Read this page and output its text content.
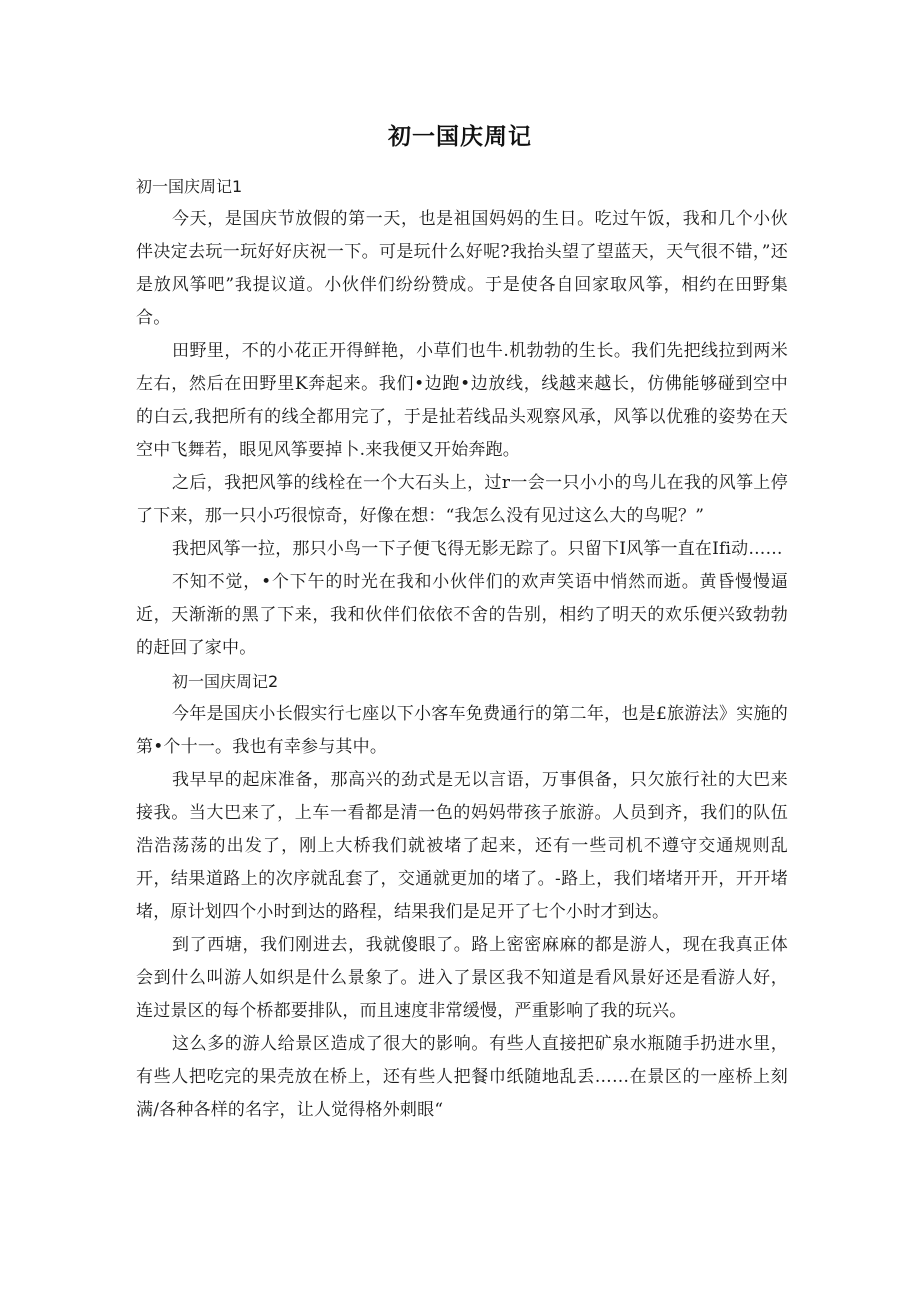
初一国庆周记

初一国庆周记1

今天，是国庆节放假的第一天，也是祖国妈妈的生日。吃过午饭，我和几个小伙伴决定去玩一玩好好庆祝一下。可是玩什么好呢?我抬头望了望蓝天，天气很不错，”还是放风筝吧”我提议道。小伙伴们纷纷赞成。于是使各自回家取风筝，相约在田野集合。

田野里，不的小花正开得鲜艳，小草们也牛.机勃勃的生长。我们先把线拉到两米左右，然后在田野里K奔起来。我们•边跑•边放线，线越来越长，仿佛能够碰到空中的白云,我把所有的线全都用完了，于是扯若线品头观察风承，风筝以优雅的姿势在天空中飞舞若，眼见风筝要掉卜.来我便又开始奔跑。

之后，我把风筝的线栓在一个大石头上，过r一会一只小小的鸟儿在我的风筝上停了下来，那一只小巧很惊奇，好像在想：“我怎么没有见过这么大的鸟呢？”

我把风筝一拉，那只小鸟一下子便飞得无影无踪了。只留下I风筝一直在Ifi动……

不知不觉，•个下午的时光在我和小伙伴们的欢声笑语中悄然而逝。黄昏慢慢逼近，天渐渐的黑了下来，我和伙伴们依依不舍的告别，相约了明天的欢乐便兴致勃勃的赶回了家中。

初一国庆周记2

今年是国庆小长假实行七座以下小客车免费通行的第二年，也是£旅游法》实施的第•个十一。我也有幸参与其中。

我早早的起床准备，那高兴的劲式是无以言语，万事俱备，只欠旅行社的大巴来接我。当大巴来了，上车一看都是清一色的妈妈带孩子旅游。人员到齐，我们的队伍浩浩荡荡的出发了，刚上大桥我们就被堵了起来，还有一些司机不遵守交通规则乱开，结果道路上的次序就乱套了，交通就更加的堵了。-路上，我们堵堵开开，开开堵堵，原计划四个小时到达的路程，结果我们是足开了七个小时才到达。

到了西塘，我们刚进去，我就傻眼了。路上密密麻麻的都是游人，现在我真正体会到什么叫游人如织是什么景象了。进入了景区我不知道是看风景好还是看游人好，连过景区的每个桥都要排队，而且速度非常缓慢，严重影响了我的玩兴。

这么多的游人给景区造成了很大的影响。有些人直接把矿泉水瓶随手扔进水里，有些人把吃完的果壳放在桥上，还有些人把餐巾纸随地乱丢……在景区的一座桥上刻满/各种各样的名字，让人觉得格外刺眼“
